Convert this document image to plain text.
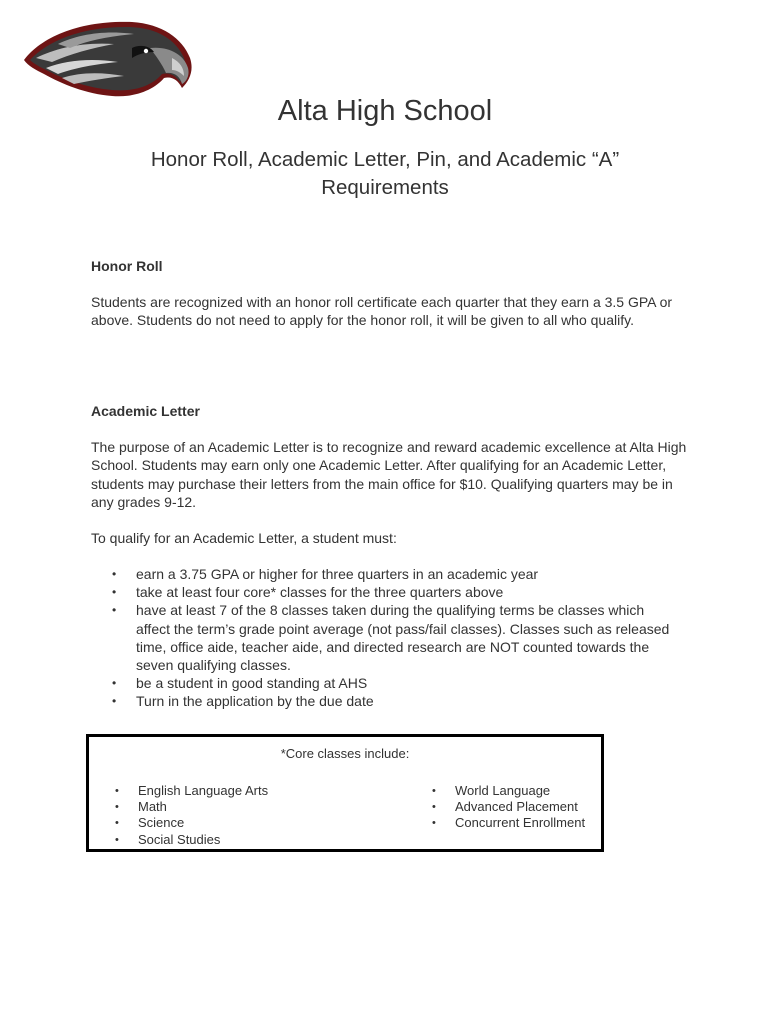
Alta High School
Honor Roll, Academic Letter, Pin, and Academic “A” Requirements
Honor Roll

Students are recognized with an honor roll certificate each quarter that they earn a 3.5 GPA or above. Students do not need to apply for the honor roll, it will be given to all who qualify.

Academic Letter

The purpose of an Academic Letter is to recognize and reward academic excellence at Alta High School. Students may earn only one Academic Letter. After qualifying for an Academic Letter, students may purchase their letters from the main office for $10. Qualifying quarters may be in any grades 9-12.

To qualify for an Academic Letter, a student must:

• earn a 3.75 GPA or higher for three quarters in an academic year
• take at least four core* classes for the three quarters above
• have at least 7 of the 8 classes taken during the qualifying terms be classes which affect the term’s grade point average (not pass/fail classes). Classes such as released time, office aide, teacher aide, and directed research are NOT counted towards the seven qualifying classes.
• be a student in good standing at AHS
• Turn in the application by the due date

*Core classes include:

• English Language Arts
• Math
• Science
• Social Studies
• World Language
• Advanced Placement
• Concurrent Enrollment
